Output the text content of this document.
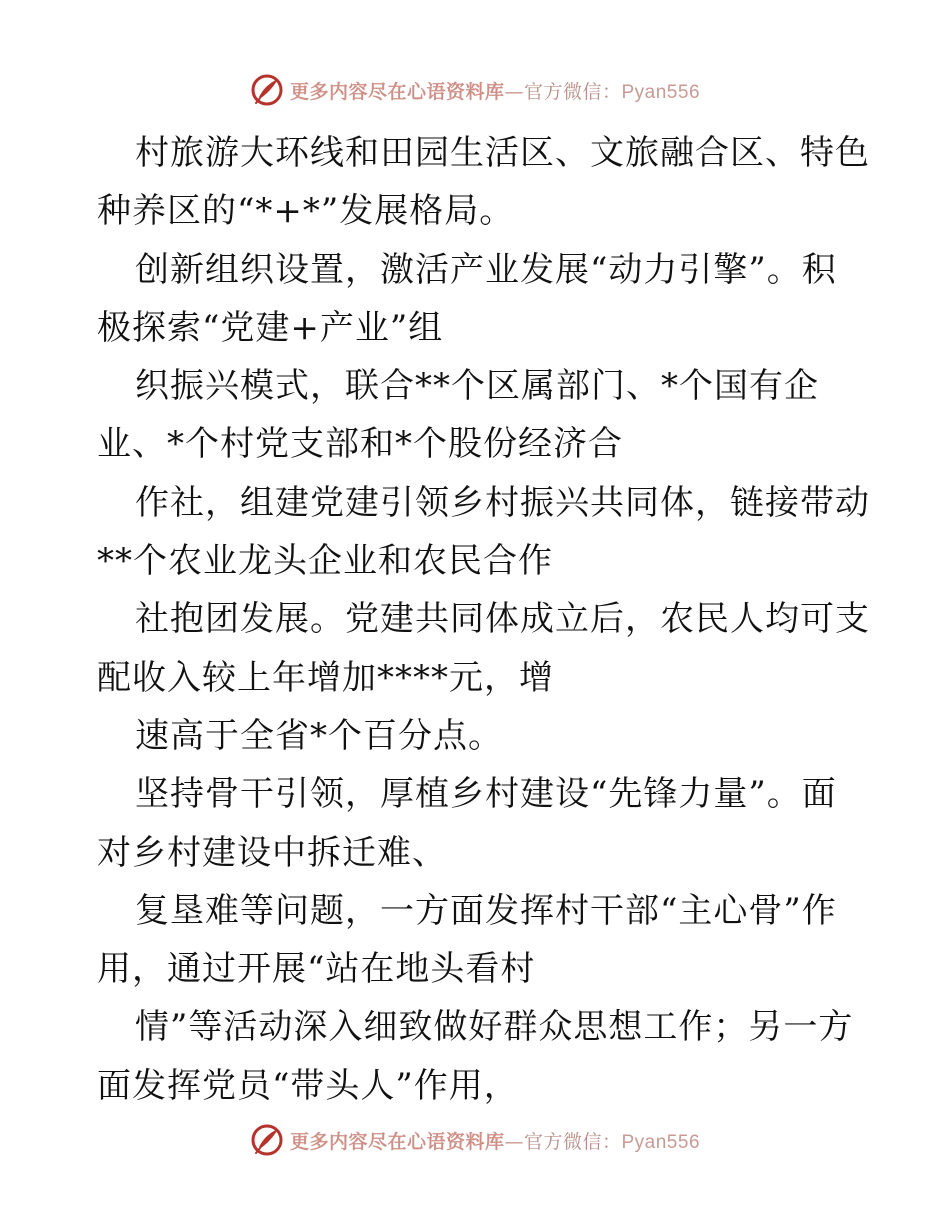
更多内容尽在心语资料库—官方微信：Pyan556
村旅游大环线和田园生活区、文旅融合区、特色
种养区的“*+*”发展格局。
创新组织设置，激活产业发展“动力引擎”。积
极探索“党建+产业”组
织振兴模式，联合**个区属部门、*个国有企
业、*个村党支部和*个股份经济合
作社，组建党建引领乡村振兴共同体，链接带动
**个农业龙头企业和农民合作
社抱团发展。党建共同体成立后，农民人均可支
配收入较上年增加****元，增
速高于全省*个百分点。
坚持骨干引领，厚植乡村建设“先锋力量”。面
对乡村建设中拆迁难、
复垦难等问题，一方面发挥村干部“主心骨”作
用，通过开展“站在地头看村
情”等活动深入细致做好群众思想工作；另一方
面发挥党员“带头人”作用，
更多内容尽在心语资料库—官方微信：Pyan556
